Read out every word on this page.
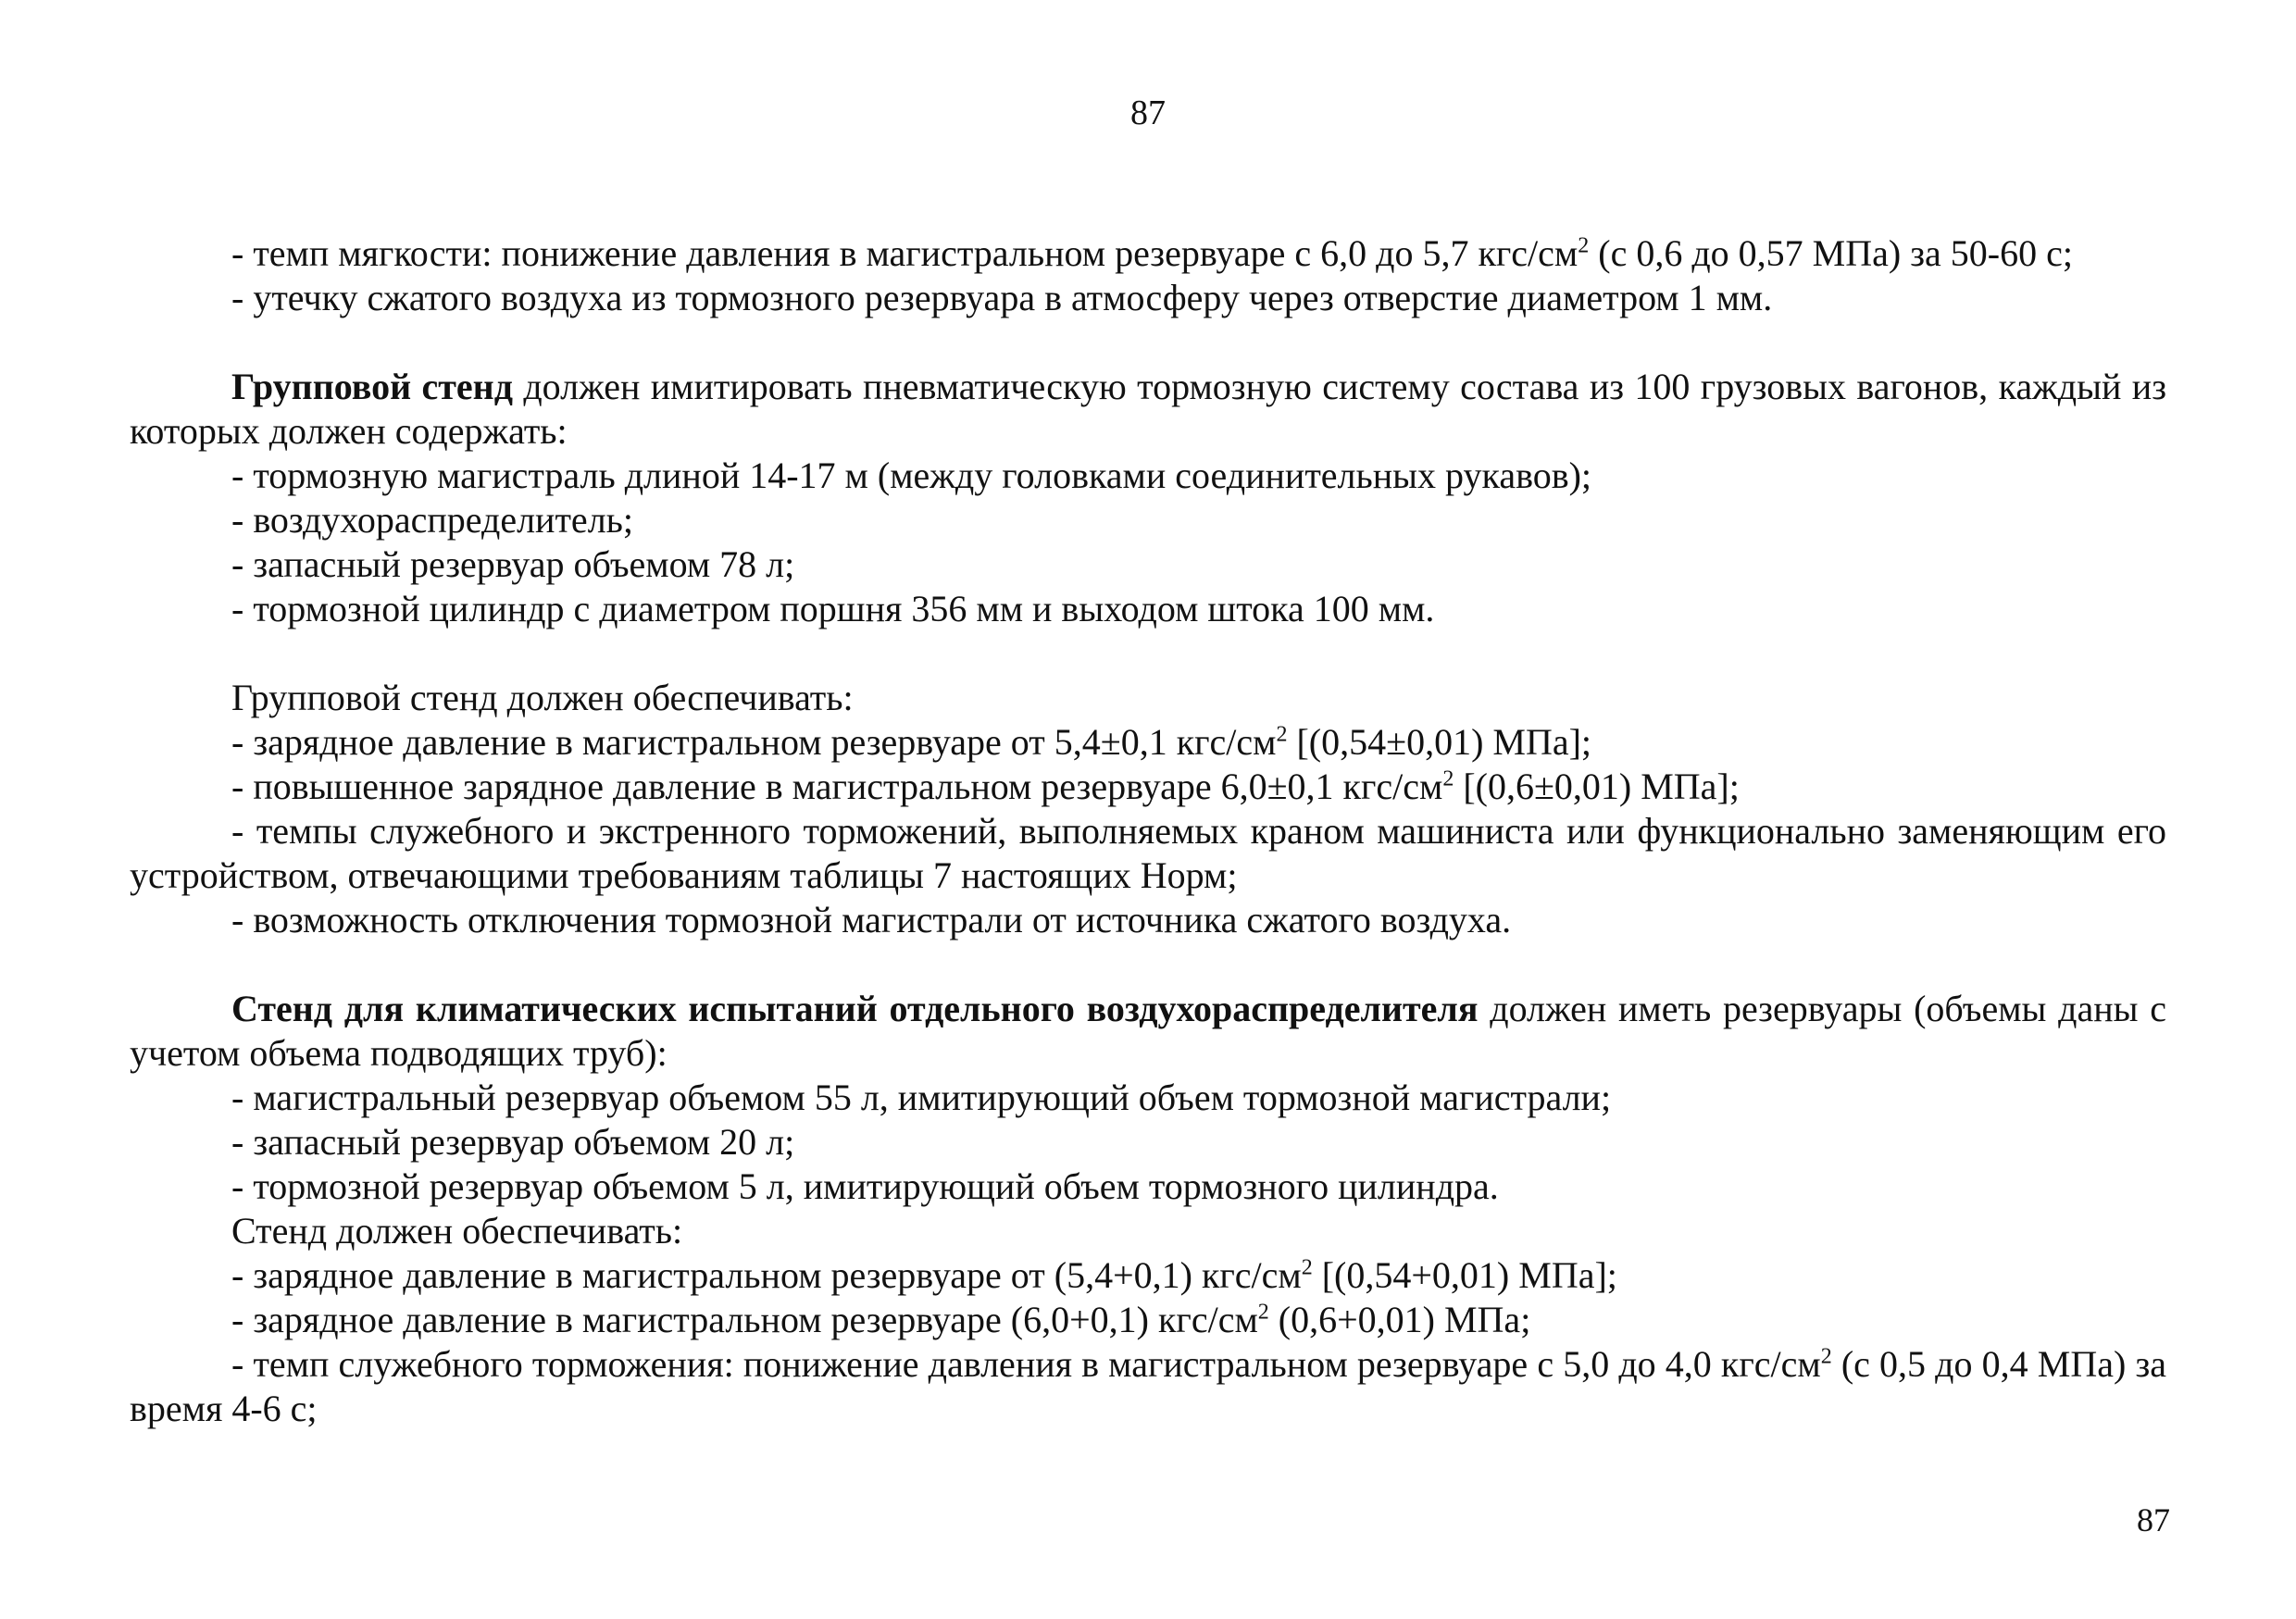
87

- темп мягкости: понижение давления в магистральном резервуаре с 6,0 до 5,7 кгс/$см^2$ (с 0,6 до 0,57 МПа) за 50-60 с;

- утечку сжатого воздуха из тормозного резервуара в атмосферу через отверстие диаметром 1 мм.

Групповой стенд должен имитировать пневматическую тормозную систему состава из 100 грузовых вагонов, каждый из которых должен содержать:

- тормозную магистраль длиной 14-17 м (между головками соединительных рукавов);

- воздухораспределитель;

- запасный резервуар объемом 78 л;

- тормозной цилиндр с диаметром поршня 356 мм и выходом штока 100 мм.

Групповой стенд должен обеспечивать:

- зарядное давление в магистральном резервуаре от 5,4±0,1 кгс/$см^2$ [(0,54±0,01) МПа];

- повышенное зарядное давление в магистральном резервуаре 6,0±0,1 кгс/$см^2$ [(0,6±0,01) МПа];

- темпы служебного и экстренного торможений, выполняемых краном машиниста или функционально заменяющим его устройством, отвечающими требованиям таблицы 7 настоящих Норм;

- возможность отключения тормозной магистрали от источника сжатого воздуха.

Стенд для климатических испытаний отдельного воздухораспределителя должен иметь резервуары (объемы даны с учетом объема подводящих труб):

- магистральный резервуар объемом 55 л, имитирующий объем тормозной магистрали;

- запасный резервуар объемом 20 л;

- тормозной резервуар объемом 5 л, имитирующий объем тормозного цилиндра.

Стенд должен обеспечивать:

- зарядное давление в магистральном резервуаре от (5,4+0,1) кгс/$см^2$ [(0,54+0,01) МПа];

- зарядное давление в магистральном резервуаре (6,0+0,1) кгс/$см^2$ (0,6+0,01) МПа;

- темп служебного торможения: понижение давления в магистральном резервуаре с 5,0 до 4,0 кгс/$см^2$ (с 0,5 до 0,4 МПа) за время 4-6 с;

87
